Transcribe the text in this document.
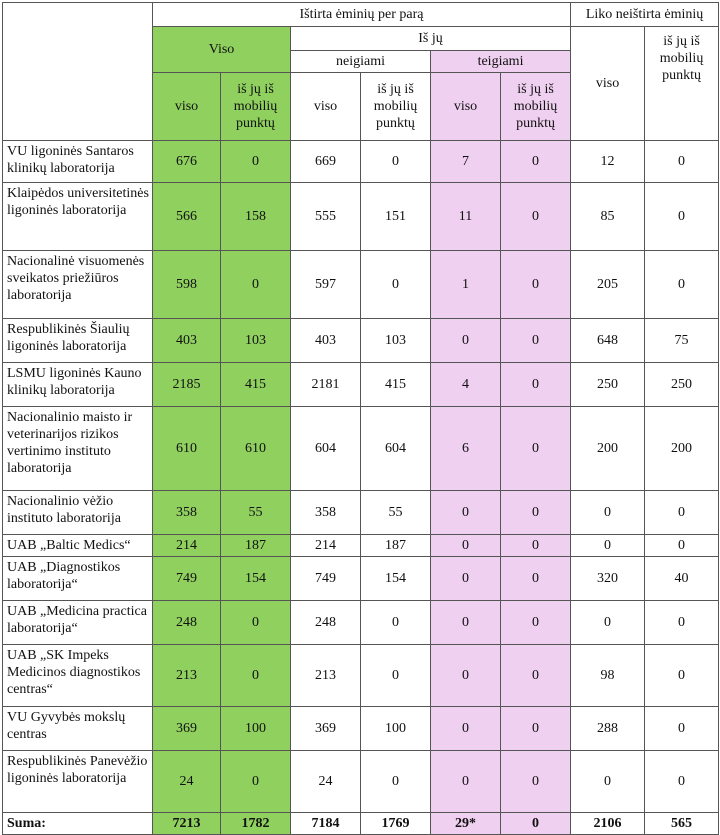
	Ištirta ėminių per parą						Liko neištirta ėminių	
	Viso		Iš jų				viso	iš jų iš mobilių punktų
			neigiami		teigiami			
	viso	iš jų iš mobilių punktų	viso	iš jų iš mobilių punktų	viso	iš jų iš mobilių punktų		
VU ligoninės Santaros klinikų laboratorija	676	0	669	0	7	0	12	0
Klaipėdos universitetinės ligoninės laboratorija	566	158	555	151	11	0	85	0
Nacionalinė visuomenės sveikatos priežiūros laboratorija	598	0	597	0	1	0	205	0
Respublikinės Šiaulių ligoninės laboratorija	403	103	403	103	0	0	648	75
LSMU ligoninės Kauno klinikų laboratorija	2185	415	2181	415	4	0	250	250
Nacionalinio maisto ir veterinarijos rizikos vertinimo instituto laboratorija	610	610	604	604	6	0	200	200
Nacionalinio vėžio instituto laboratorija	358	55	358	55	0	0	0	0
UAB „Baltic Medics“	214	187	214	187	0	0	0	0
UAB „Diagnostikos laboratorija“	749	154	749	154	0	0	320	40
UAB „Medicina practica laboratorija“	248	0	248	0	0	0	0	0
UAB „SK Impeks Medicinos diagnostikos centras“	213	0	213	0	0	0	98	0
VU Gyvybės mokslų centras	369	100	369	100	0	0	288	0
Respublikinės Panevėžio ligoninės laboratorija	24	0	24	0	0	0	0	0
Suma:	7213	1782	7184	1769	29*	0	2106	565
